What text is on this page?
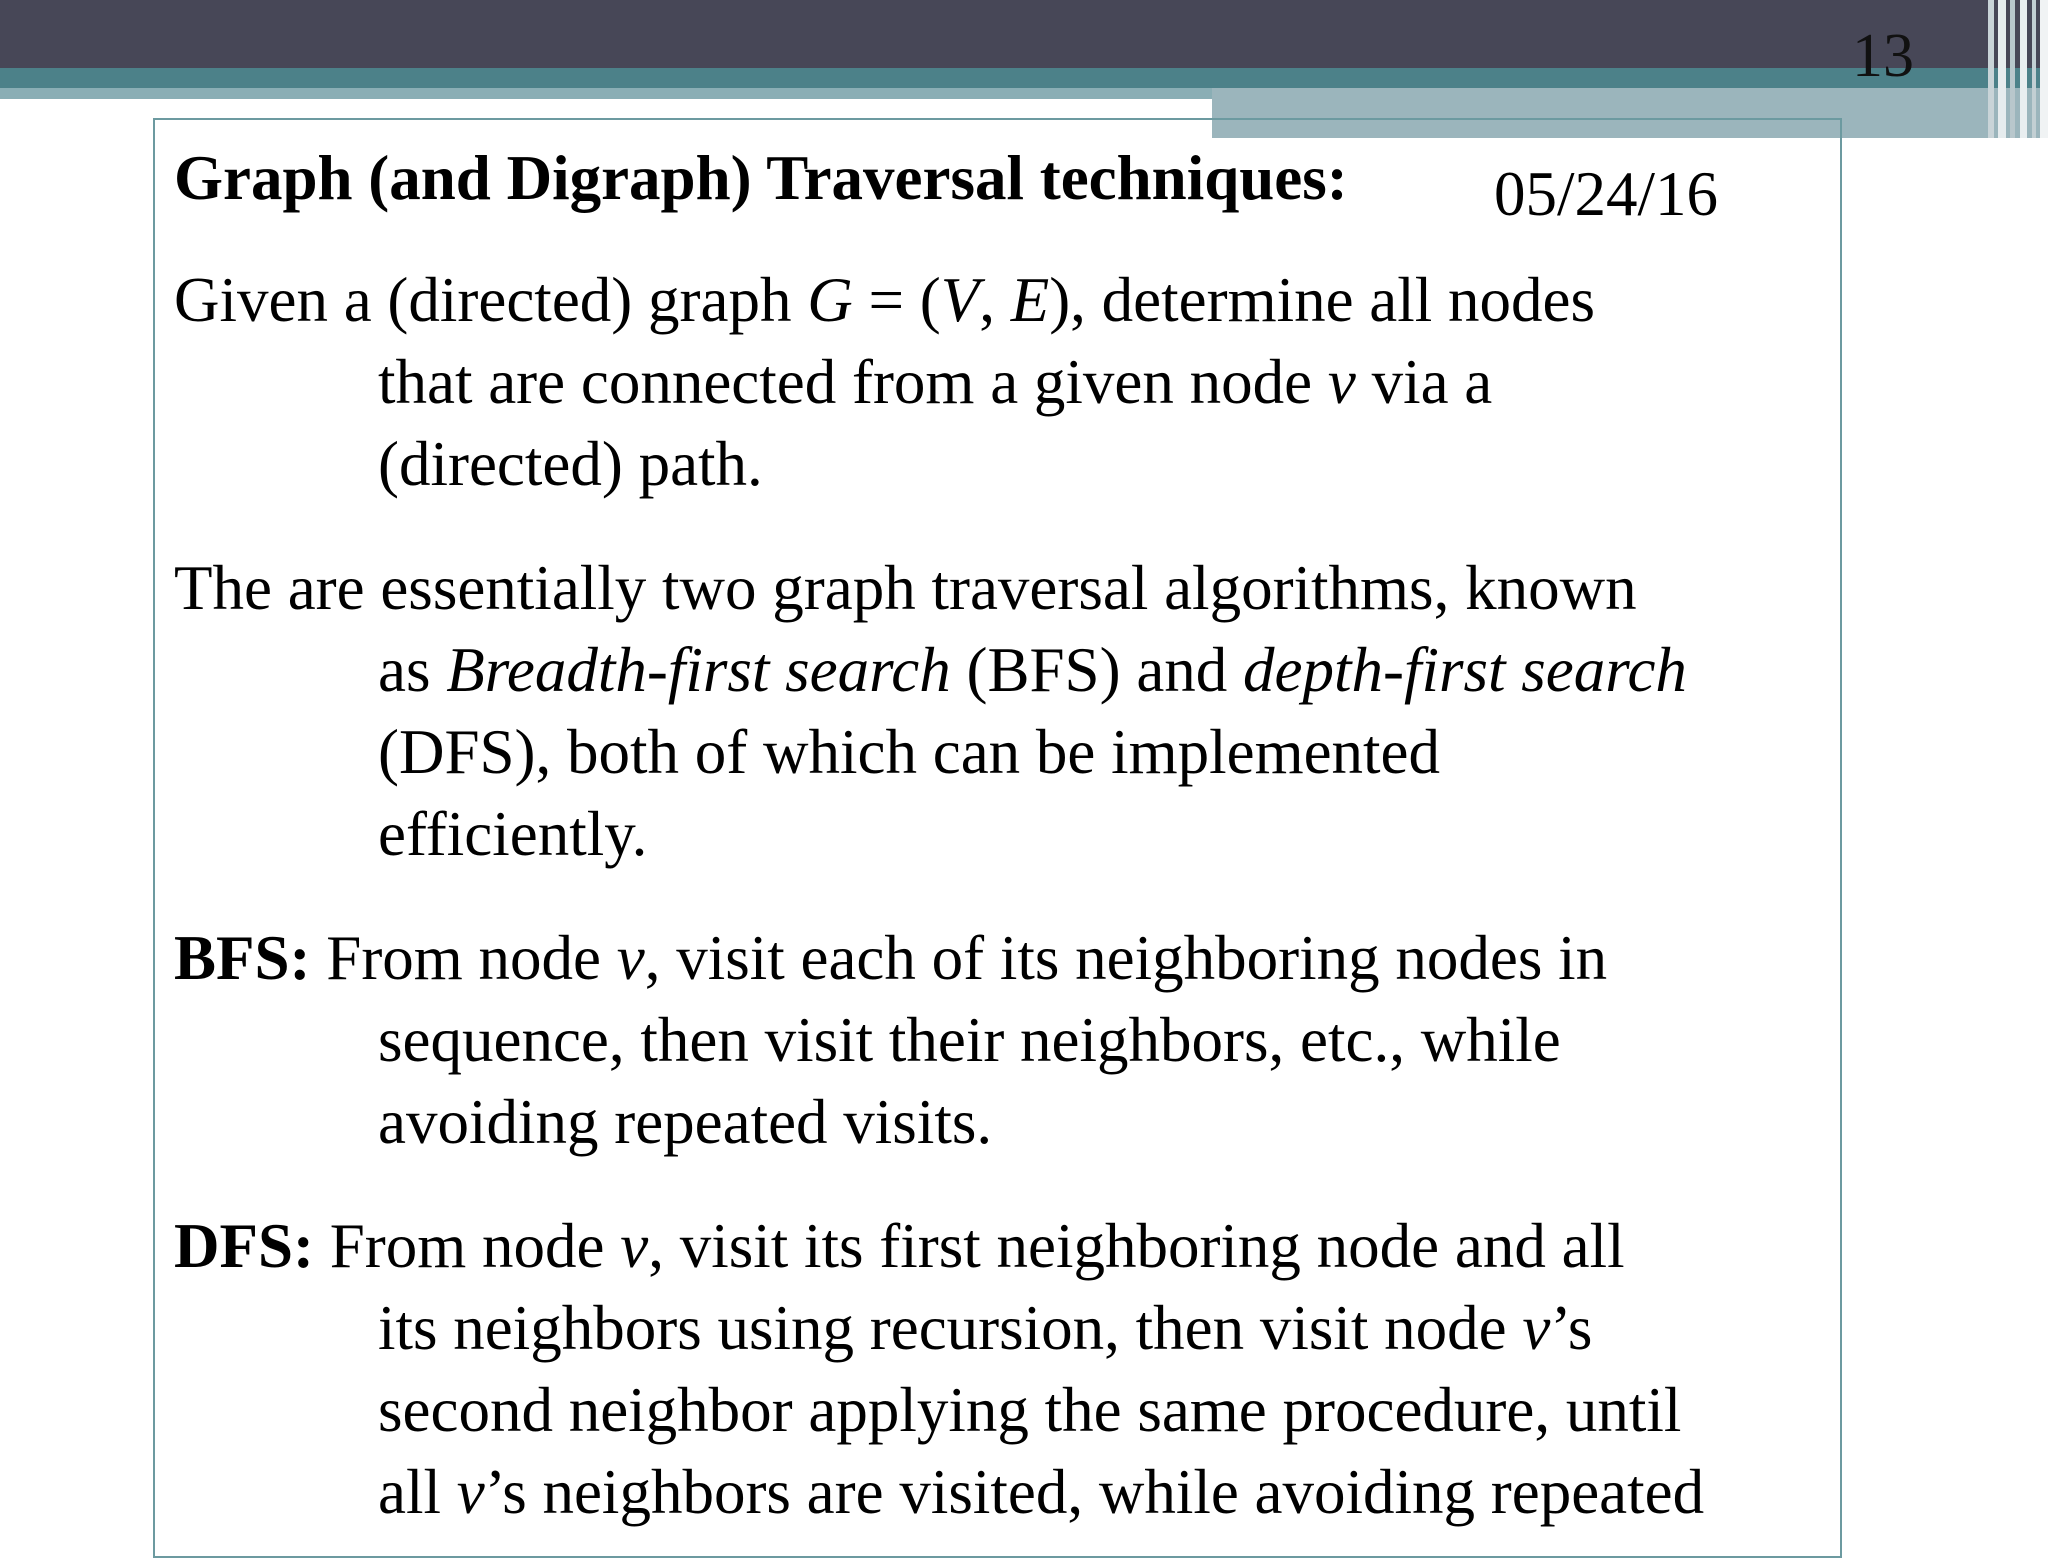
13
Graph (and Digraph) Traversal techniques: 05/24/16
Given a (directed) graph G = (V, E), determine all nodes
that are connected from a given node v via a
(directed) path.
The are essentially two graph traversal algorithms, known
as Breadth-first search (BFS) and depth-first search
(DFS), both of which can be implemented
efficiently.
BFS: From node v, visit each of its neighboring nodes in
sequence, then visit their neighbors, etc., while
avoiding repeated visits.
DFS: From node v, visit its first neighboring node and all
its neighbors using recursion, then visit node v’s
second neighbor applying the same procedure, until
all v’s neighbors are visited, while avoiding repeated
